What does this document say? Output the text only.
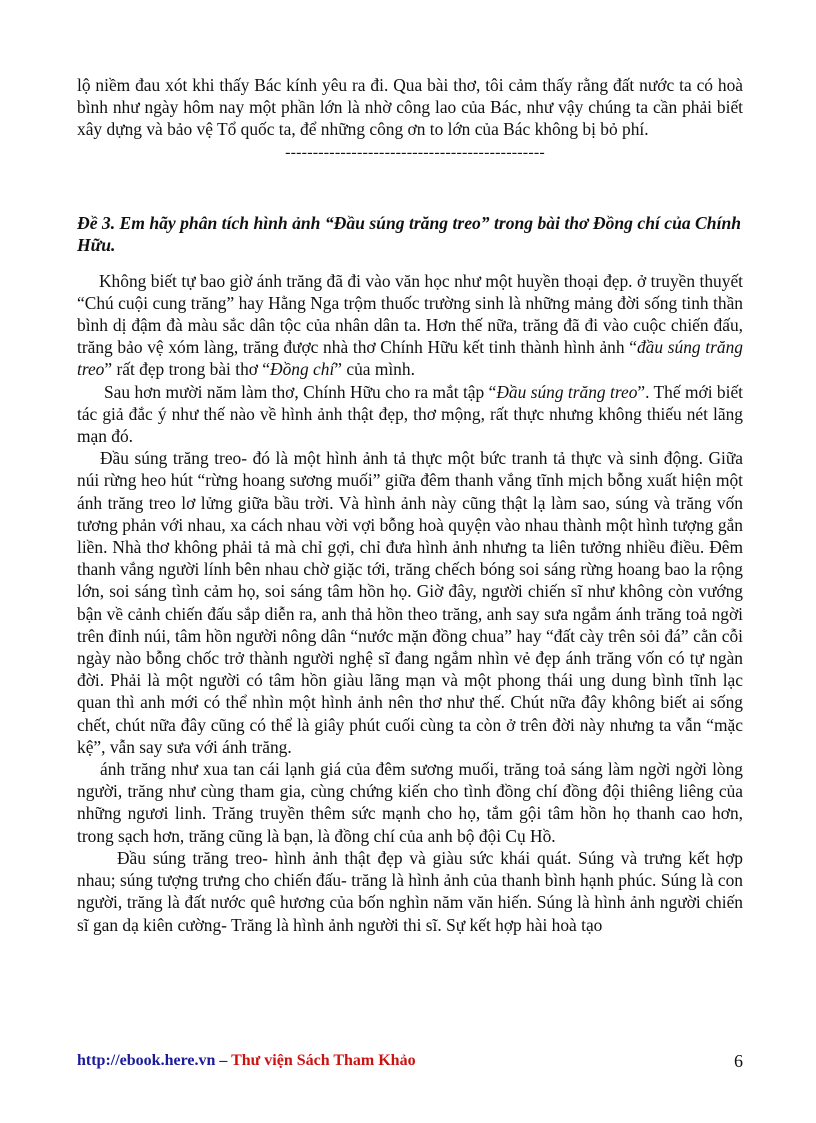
lộ niềm đau xót khi thấy Bác kính yêu ra đi. Qua bài thơ, tôi cảm thấy rằng đất nước ta có hoà bình như ngày hôm nay một phần lớn là nhờ công lao của Bác, như vậy chúng ta cần phải biết xây dựng và bảo vệ Tổ quốc ta, để những công ơn to lớn của Bác không bị bỏ phí.

-----------------------------------------------
Đề 3. Em hãy phân tích hình ảnh “Đầu súng trăng treo” trong bài thơ Đồng chí của Chính Hữu.

Không biết tự bao giờ ánh trăng đã đi vào văn học như một huyền thoại đẹp. ở truyền thuyết “Chú cuội cung trăng” hay Hằng Nga trộm thuốc trường sinh là những mảng đời sống tinh thần bình dị đậm đà màu sắc dân tộc của nhân dân ta. Hơn thế nữa, trăng đã đi vào cuộc chiến đấu, trăng bảo vệ xóm làng, trăng được nhà thơ Chính Hữu kết tinh thành hình ảnh “đầu súng trăng treo” rất đẹp trong bài thơ “Đồng chí” của mình.

Sau hơn mười năm làm thơ, Chính Hữu cho ra mắt tập “Đầu súng trăng treo”. Thế mới biết tác giả đắc ý như thế nào về hình ảnh thật đẹp, thơ mộng, rất thực nhưng không thiếu nét lãng mạn đó.

Đầu súng trăng treo- đó là một hình ảnh tả thực một bức tranh tả thực và sinh động. Giữa núi rừng heo hút “rừng hoang sương muối” giữa đêm thanh vắng tĩnh mịch bỗng xuất hiện một ánh trăng treo lơ lửng giữa bầu trời. Và hình ảnh này cũng thật lạ làm sao, súng và trăng vốn tương phản với nhau, xa cách nhau vời vợi bỗng hoà quyện vào nhau thành một hình tượng gắn liền. Nhà thơ không phải tả mà chỉ gợi, chỉ đưa hình ảnh nhưng ta liên tưởng nhiều điều. Đêm thanh vắng người lính bên nhau chờ giặc tới, trăng chếch bóng soi sáng rừng hoang bao la rộng lớn, soi sáng tình cảm họ, soi sáng tâm hồn họ. Giờ đây, người chiến sĩ như không còn vướng bận về cảnh chiến đấu sắp diễn ra, anh thả hồn theo trăng, anh say sưa ngắm ánh trăng toả ngời trên đỉnh núi, tâm hồn người nông dân “nước mặn đồng chua” hay “đất cày trên sỏi đá” cằn cỗi ngày nào bỗng chốc trở thành người nghệ sĩ đang ngắm nhìn vẻ đẹp ánh trăng vốn có tự ngàn đời. Phải là một người có tâm hồn giàu lãng mạn và một phong thái ung dung bình tĩnh lạc quan thì anh mới có thể nhìn một hình ảnh nên thơ như thế. Chút nữa đây không biết ai sống chết, chút nữa đây cũng có thể là giây phút cuối cùng ta còn ở trên đời này nhưng ta vẫn “mặc kệ”, vẫn say sưa với ánh trăng.

ánh trăng như xua tan cái lạnh giá của đêm sương muối, trăng toả sáng làm ngời ngời lòng người, trăng như cùng tham gia, cùng chứng kiến cho tình đồng chí đồng đội thiêng liêng của những ngươi linh. Trăng truyền thêm sức mạnh cho họ, tắm gội tâm hồn họ thanh cao hơn, trong sạch hơn, trăng cũng là bạn, là đồng chí của anh bộ đội Cụ Hồ.

Đầu súng trăng treo- hình ảnh thật đẹp và giàu sức khái quát. Súng và trưng kết hợp nhau; súng tượng trưng cho chiến đấu- trăng là hình ảnh của thanh bình hạnh phúc. Súng là con người, trăng là đất nước quê hương của bốn nghìn năm văn hiến. Súng là hình ảnh người chiến sĩ gan dạ kiên cường- Trăng là hình ảnh người thi sĩ. Sự kết hợp hài hoà tạo

http://ebook.here.vn – Thư viện Sách Tham Khảo	6
